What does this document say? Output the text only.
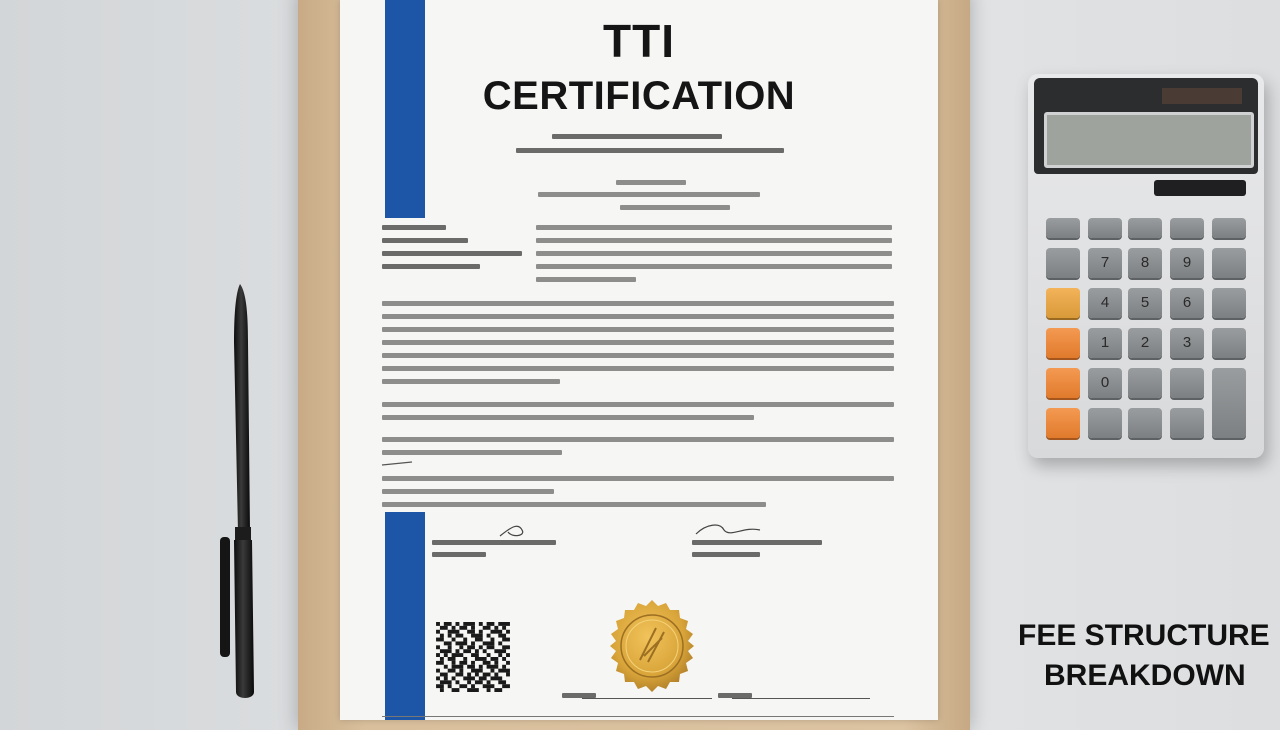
TTI
CERTIFICATION
7	8	9
4	5	6
1	2	3
0
FEE STRUCTURE
BREAKDOWN
